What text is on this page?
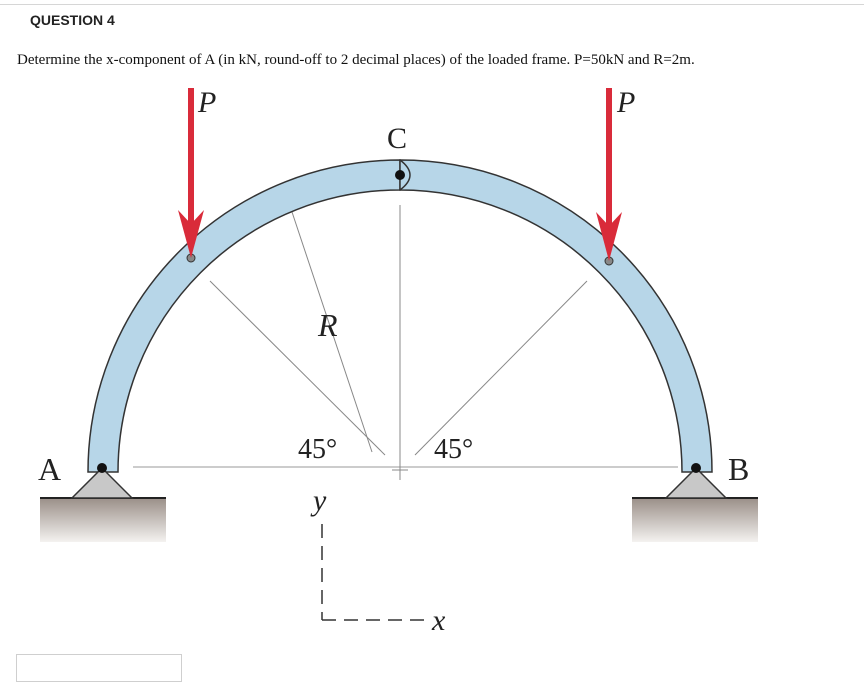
QUESTION 4
Determine the x-component of A (in kN, round-off to 2 decimal places) of the loaded frame. P=50kN and R=2m.
P	P
C
R
45°	45°
A	B
y
x
